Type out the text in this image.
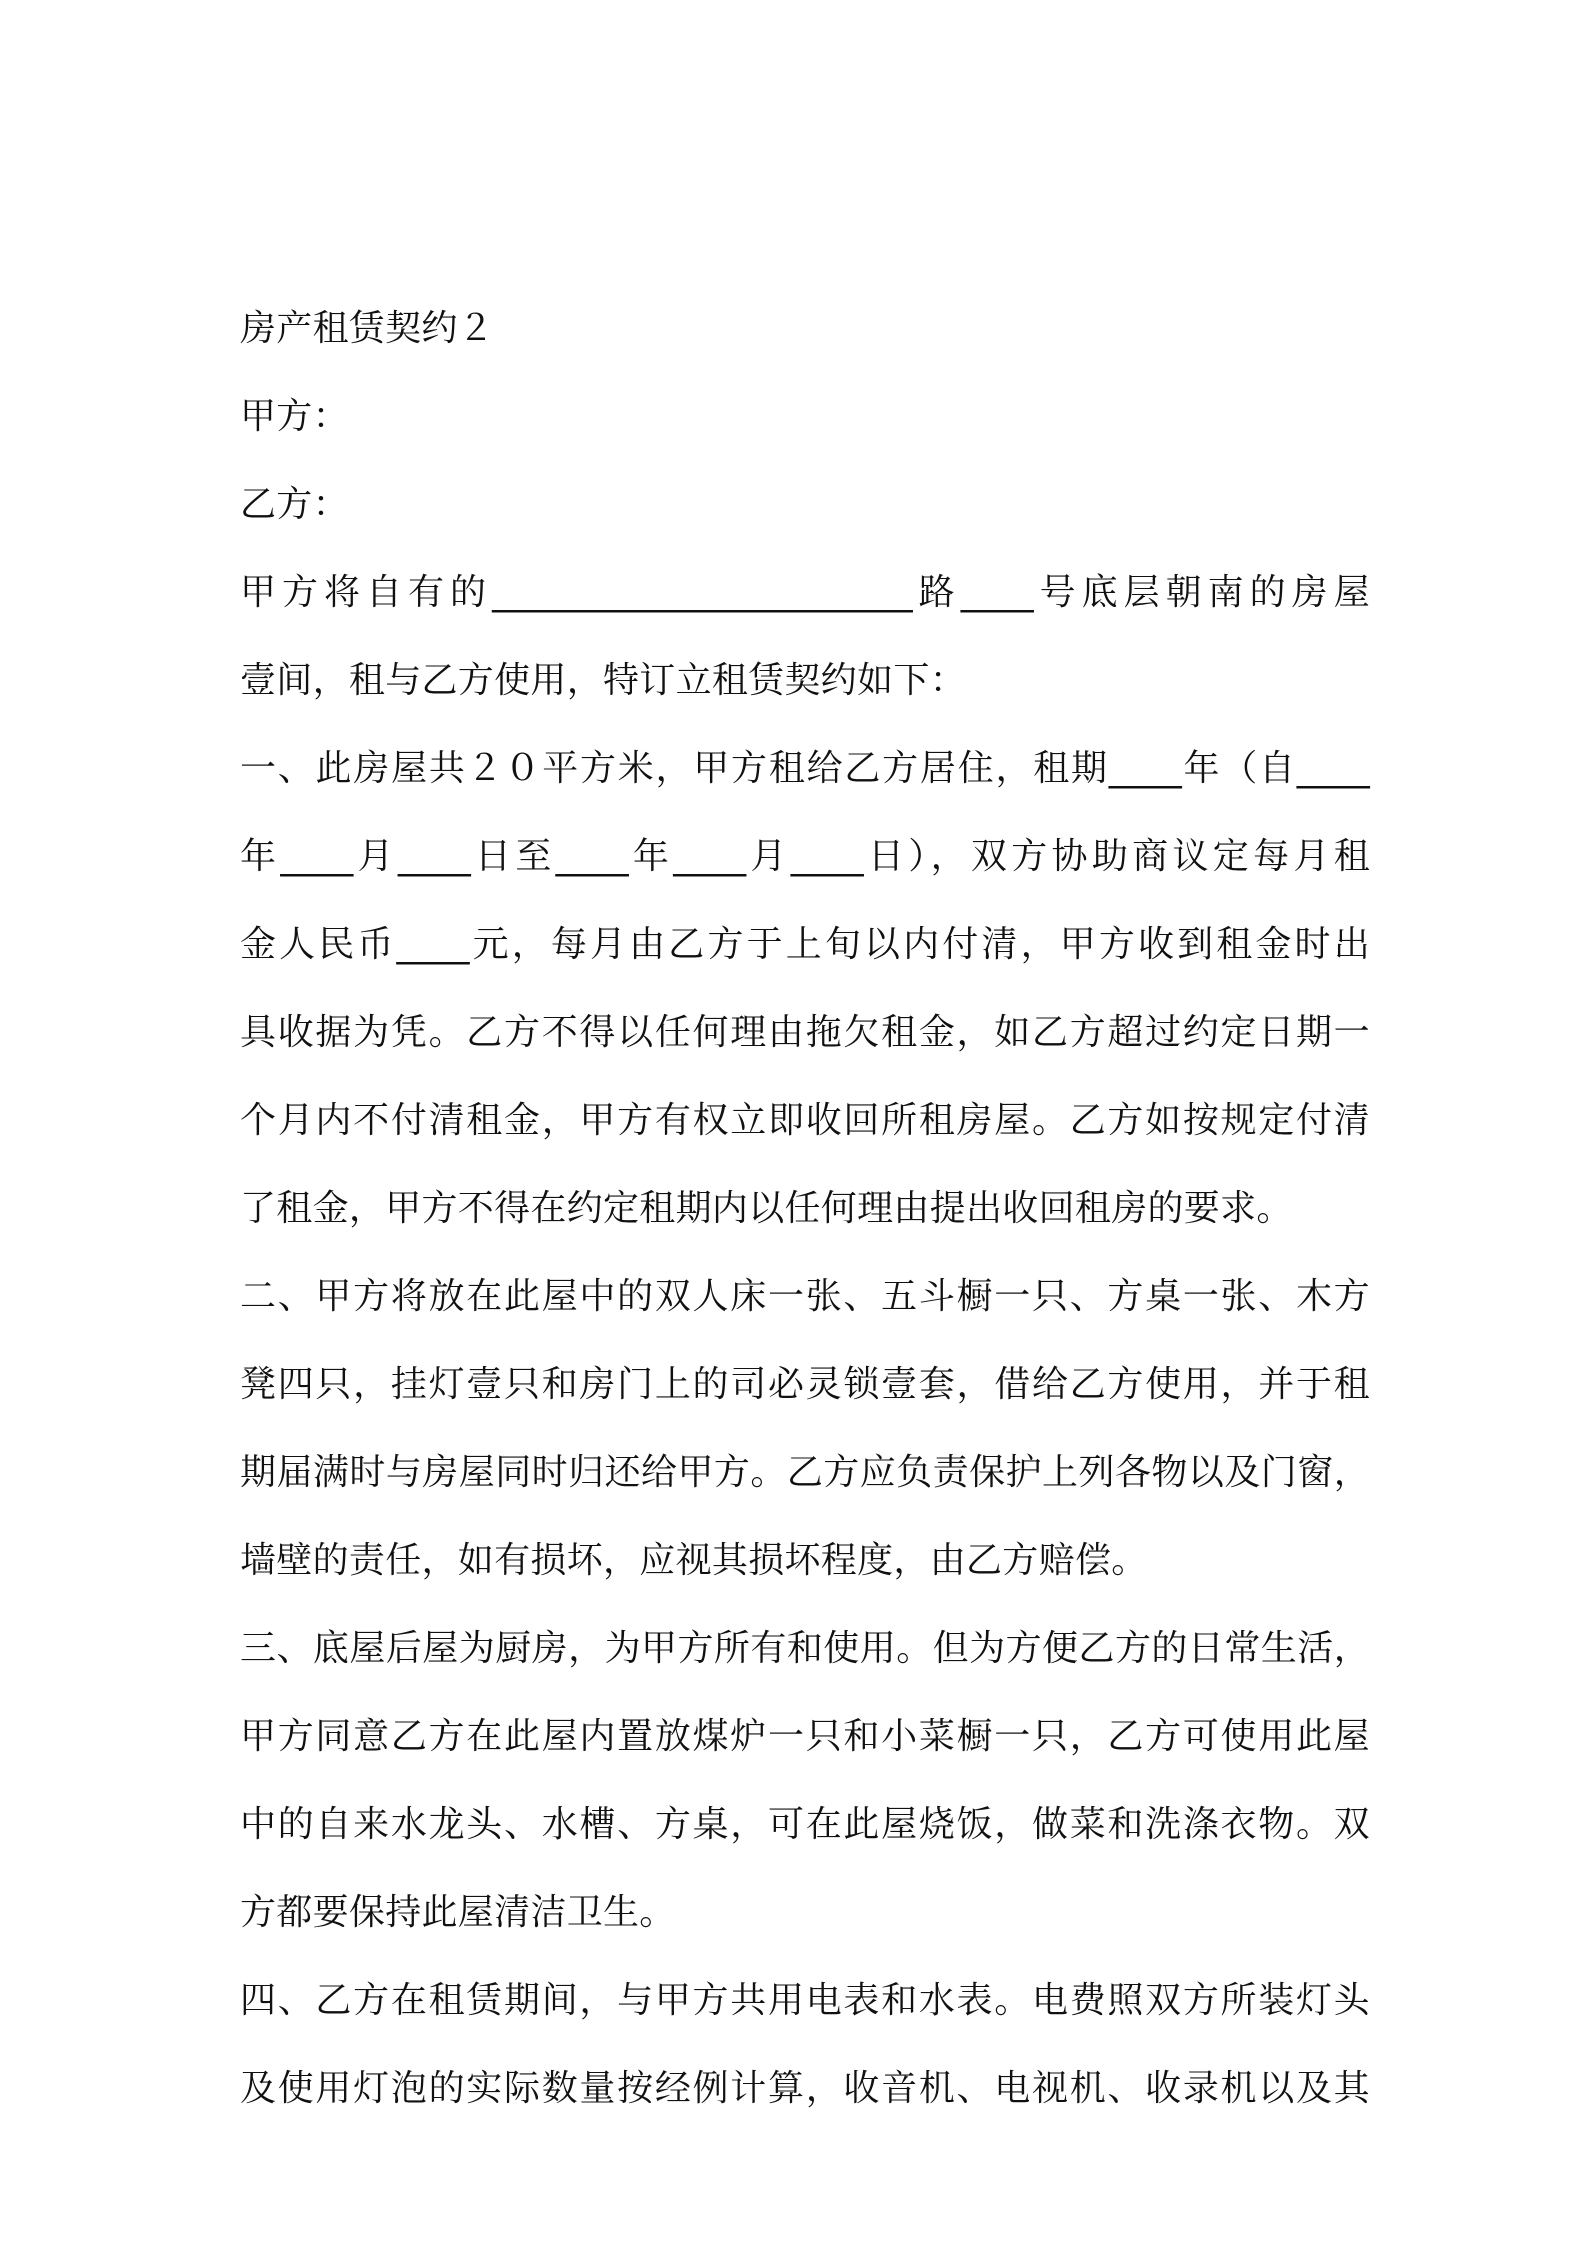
房产租赁契约２
甲方：
乙方：
甲方将自有的_______________________路____号底层朝南的房屋
壹间，租与乙方使用，特订立租赁契约如下：
一、此房屋共２０平方米，甲方租给乙方居住，租期____年（自____
年____月____日至____年____月____日），双方协助商议定每月租
金人民币____元，每月由乙方于上旬以内付清，甲方收到租金时出
具收据为凭。乙方不得以任何理由拖欠租金，如乙方超过约定日期一
个月内不付清租金，甲方有权立即收回所租房屋。乙方如按规定付清
了租金，甲方不得在约定租期内以任何理由提出收回租房的要求。
二、甲方将放在此屋中的双人床一张、五斗橱一只、方桌一张、木方
凳四只，挂灯壹只和房门上的司必灵锁壹套，借给乙方使用，并于租
期届满时与房屋同时归还给甲方。乙方应负责保护上列各物以及门窗，
墙壁的责任，如有损坏，应视其损坏程度，由乙方赔偿。
三、底屋后屋为厨房，为甲方所有和使用。但为方便乙方的日常生活，
甲方同意乙方在此屋内置放煤炉一只和小菜橱一只，乙方可使用此屋
中的自来水龙头、水槽、方桌，可在此屋烧饭，做菜和洗涤衣物。双
方都要保持此屋清洁卫生。
四、乙方在租赁期间，与甲方共用电表和水表。电费照双方所装灯头
及使用灯泡的实际数量按经例计算，收音机、电视机、收录机以及其
